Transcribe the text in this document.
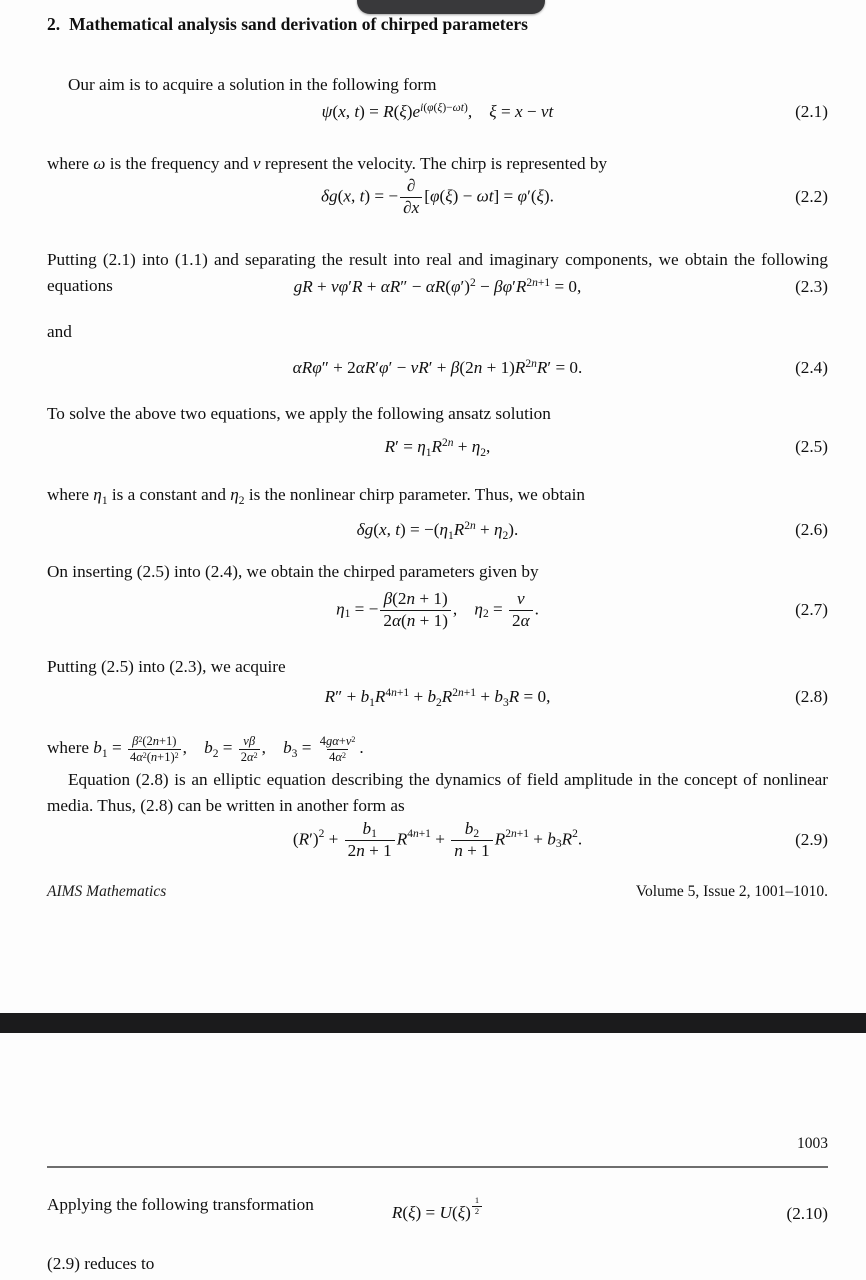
2. Mathematical analysis sand derivation of chirped parameters

Our aim is to acquire a solution in the following form

ψ(x, $t) = R(\xi)e^{i(\varphi(\xi)-\omega t)}$, ξ = x − vt	(2.1)

where ω is the frequency and v represent the velocity. The chirp is represented by

δg(x, t) = − $\frac{\partial}{\partial x} [\varphi(\xi) - \omega t] = \varphi'(\xi)$.	(2.2)

Putting (2.1) into (1.1) and separating the result into real and imaginary components, we obtain the following equations	gR + $v\varphi'R + \alpha R'' - \alpha R(\varphi')^2 - \beta\varphi'R^{2n+1} = 0$,	(2.3)

and

$\alpha R\varphi'' + 2\alpha R'\varphi' - vR' + \beta(2n + 1)R^{2n}R' = 0$.	(2.4)

To solve the above two equations, we apply the following ansatz solution

$R' = \eta_1R^{2n} + \eta_2$,	(2.5)

where $\eta_1$ is a constant and $\eta_2$ is the nonlinear chirp parameter. Thus, we obtain

δg(x, $t) = -(\eta_1R^{2n} + \eta_2)$.	(2.6)

On inserting (2.5) into (2.4), we obtain the chirped parameters given by

$\eta_1$ = − $\frac{\beta(2n + 1)}{2\alpha(n + 1)}$ , $\eta_2 = \frac{v}{2\alpha}$ .	(2.7)

Putting (2.5) into (2.3), we acquire

$R'' + b_1R^{4n+1} + b_2R^{2n+1} + b_3R = 0$,	(2.8)

where $b_1 = \frac{\beta^2(2n+1)}{4\alpha^2(n+1)^2}$ , $b_2 = \frac{v\beta}{2\alpha^2}$ , $b_3 = \frac{4g\alpha+v^2}{4\alpha^2}$ .

Equation (2.8) is an elliptic equation describing the dynamics of field amplitude in the concept of nonlinear media. Thus, (2.8) can be written in another form as

$(R')^2 + \frac{b_1}{2n + 1} R^{4n+1} + \frac{b_2}{n + 1} R^{2n+1} + b_3R^2$.	(2.9)
AIMS Mathematics	Volume 5, Issue 2, 1001–1010.
1003

Applying the following transformation	R(ξ) = U(ξ) $^{\frac{1}{2}}$	(2.10)

(2.9) reduces to
